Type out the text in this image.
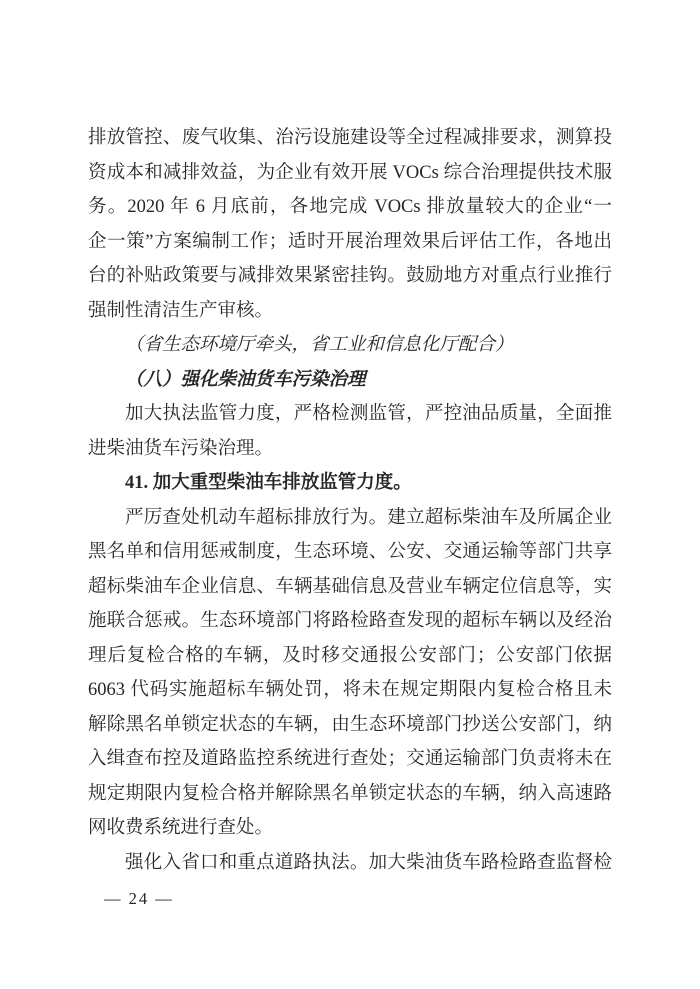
排放管控、废气收集、治污设施建设等全过程减排要求，测算投
资成本和减排效益，为企业有效开展 VOCs 综合治理提供技术服
务。2020 年 6 月底前，各地完成 VOCs 排放量较大的企业“一
企一策”方案编制工作；适时开展治理效果后评估工作，各地出
台的补贴政策要与减排效果紧密挂钩。鼓励地方对重点行业推行
强制性清洁生产审核。
（省生态环境厅牵头，省工业和信息化厅配合）
（八）强化柴油货车污染治理
加大执法监管力度，严格检测监管，严控油品质量，全面推
进柴油货车污染治理。
41. 加大重型柴油车排放监管力度。
严厉查处机动车超标排放行为。建立超标柴油车及所属企业
黑名单和信用惩戒制度，生态环境、公安、交通运输等部门共享
超标柴油车企业信息、车辆基础信息及营业车辆定位信息等，实
施联合惩戒。生态环境部门将路检路查发现的超标车辆以及经治
理后复检合格的车辆，及时移交通报公安部门；公安部门依据
6063 代码实施超标车辆处罚，将未在规定期限内复检合格且未
解除黑名单锁定状态的车辆，由生态环境部门抄送公安部门，纳
入缉查布控及道路监控系统进行查处；交通运输部门负责将未在
规定期限内复检合格并解除黑名单锁定状态的车辆，纳入高速路
网收费系统进行查处。
强化入省口和重点道路执法。加大柴油货车路检路查监督检
— 24 —
